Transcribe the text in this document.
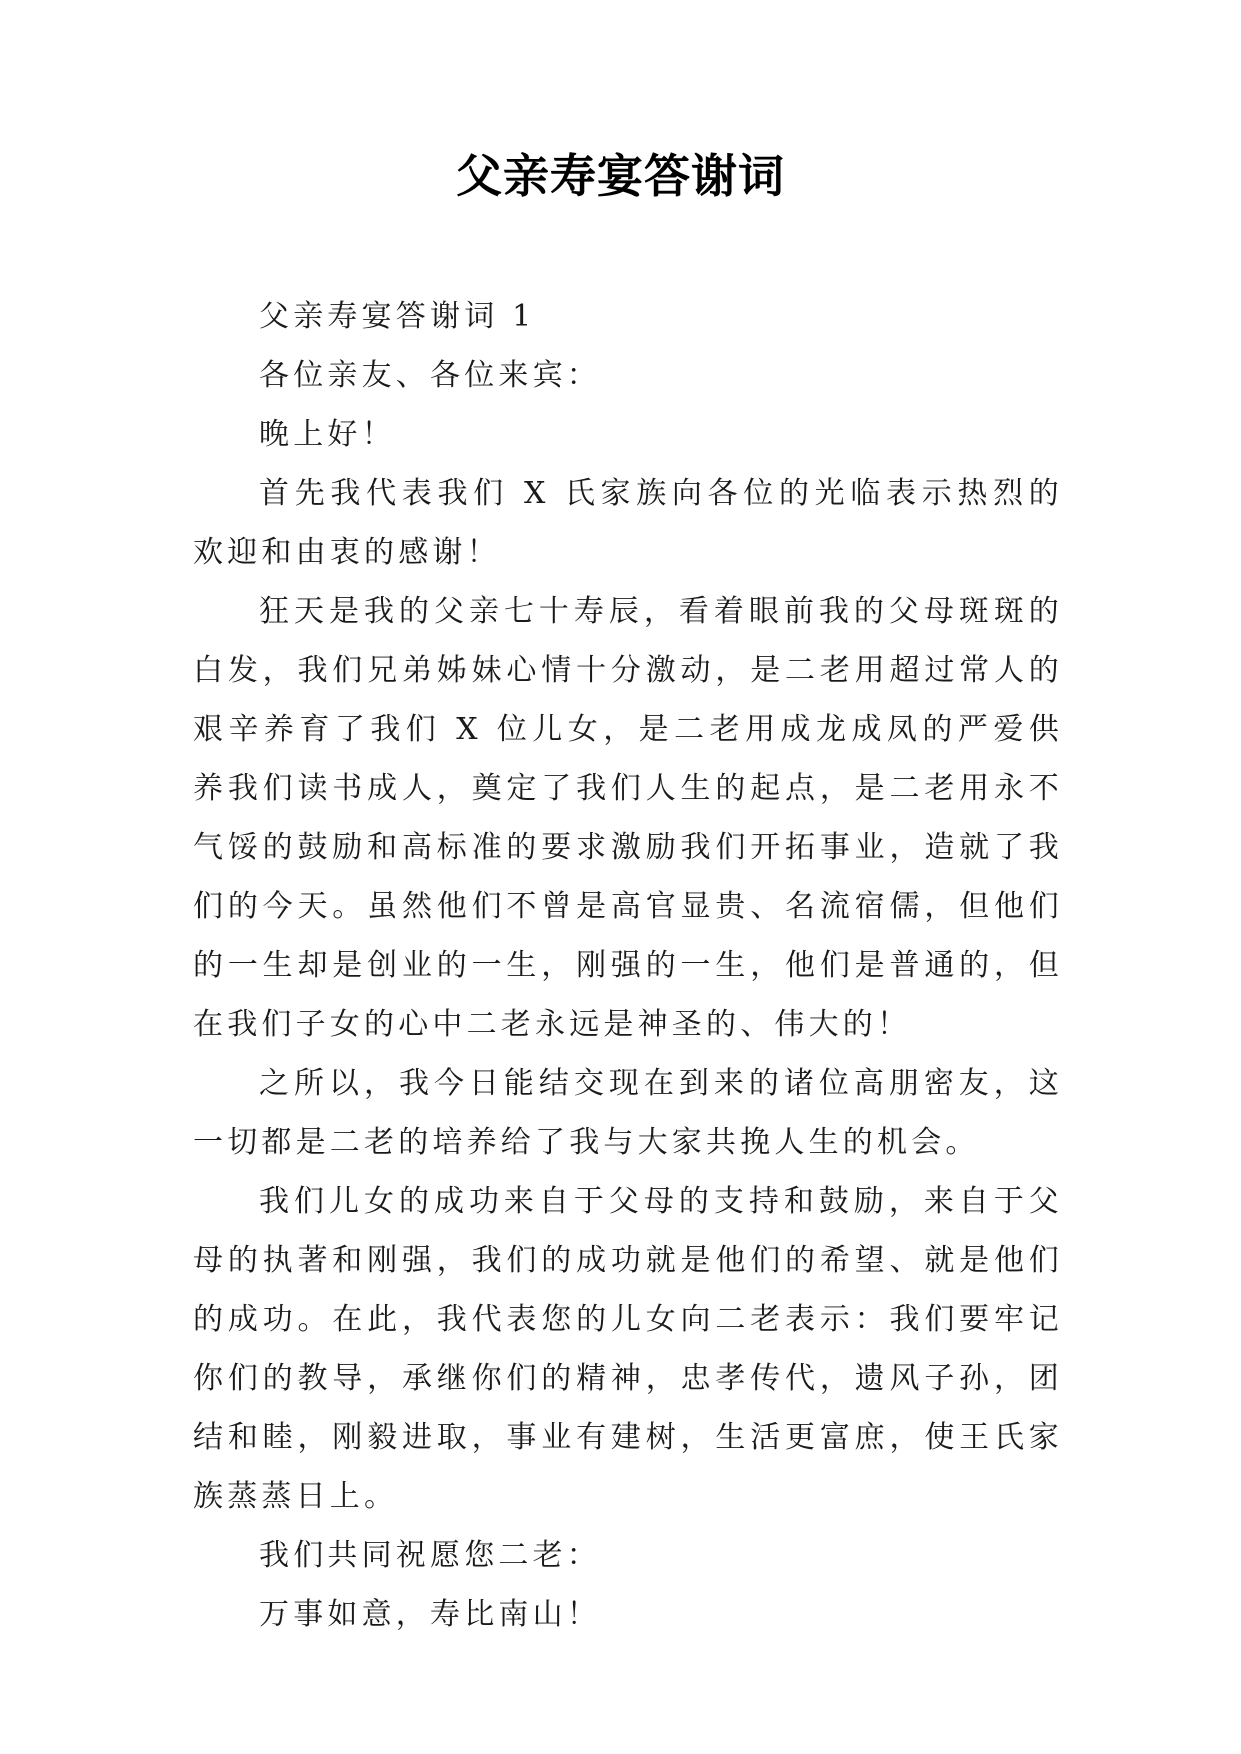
父亲寿宴答谢词

父亲寿宴答谢词 1

各位亲友、各位来宾：

晚上好！

首先我代表我们 X 氏家族向各位的光临表示热烈的欢迎和由衷的感谢！

狂天是我的父亲七十寿辰，看着眼前我的父母斑斑的白发，我们兄弟姊妹心情十分激动，是二老用超过常人的艰辛养育了我们 X 位儿女，是二老用成龙成凤的严爱供养我们读书成人，奠定了我们人生的起点，是二老用永不气馁的鼓励和高标准的要求激励我们开拓事业，造就了我们的今天。虽然他们不曾是高官显贵、名流宿儒，但他们的一生却是创业的一生，刚强的一生，他们是普通的，但在我们子女的心中二老永远是神圣的、伟大的！

之所以，我今日能结交现在到来的诸位高朋密友，这一切都是二老的培养给了我与大家共挽人生的机会。

我们儿女的成功来自于父母的支持和鼓励，来自于父母的执著和刚强，我们的成功就是他们的希望、就是他们的成功。在此，我代表您的儿女向二老表示：我们要牢记你们的教导，承继你们的精神，忠孝传代，遗风子孙，团结和睦，刚毅进取，事业有建树，生活更富庶，使王氏家族蒸蒸日上。

我们共同祝愿您二老：

万事如意，寿比南山！
